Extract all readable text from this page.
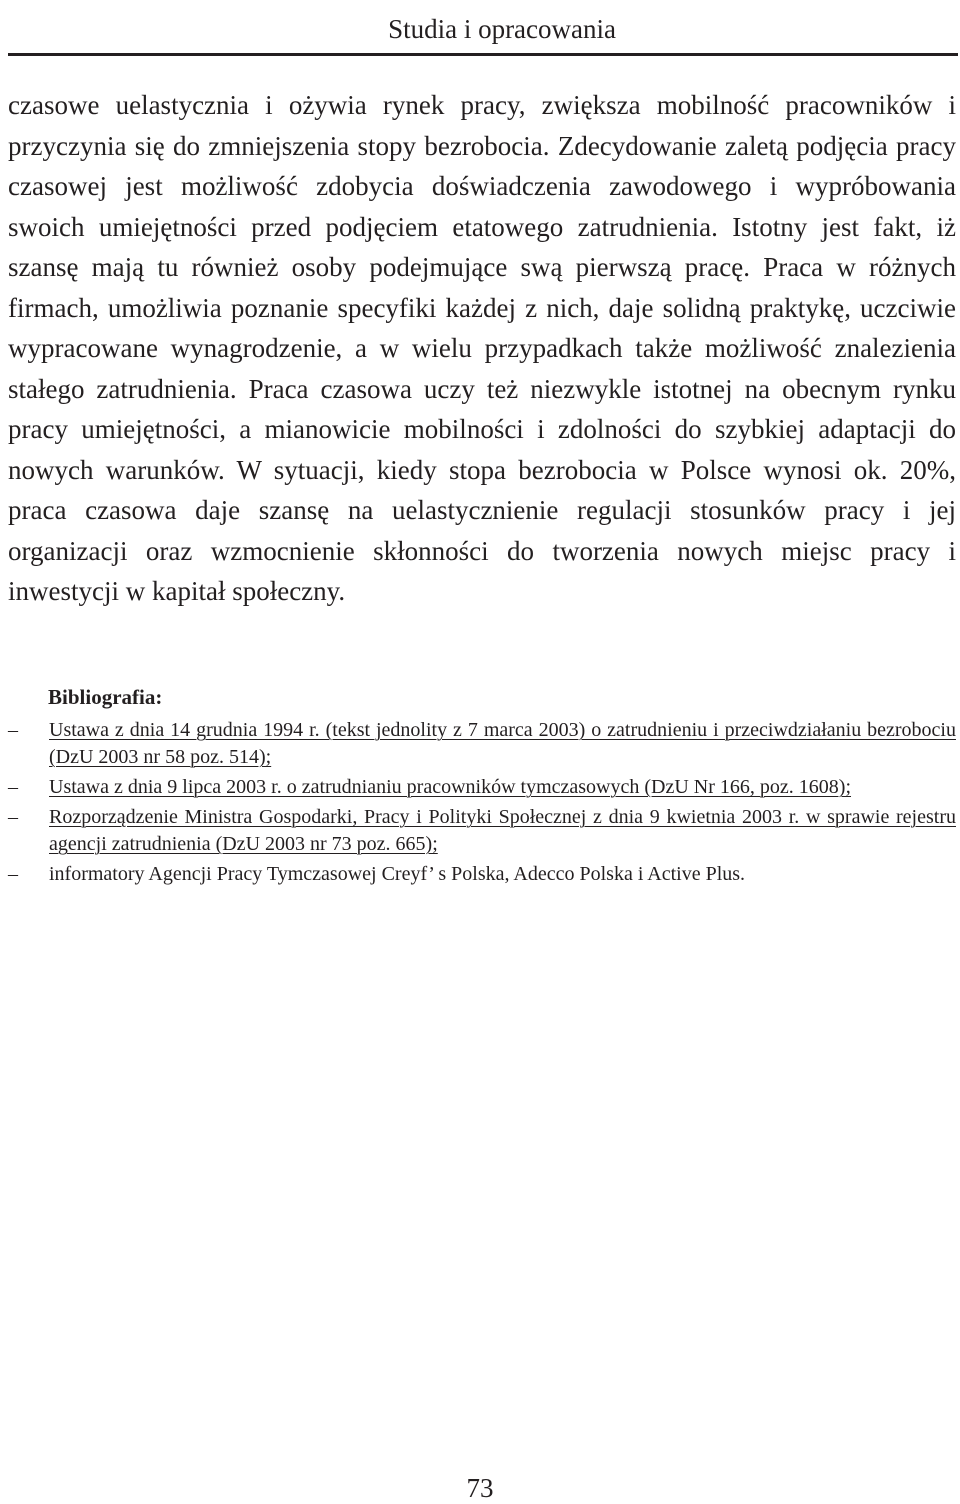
Studia i opracowania

czasowe uelastycznia i ożywia rynek pracy, zwiększa mobilność pracowników i przyczynia się do zmniejszenia stopy bezrobocia. Zdecydowanie zaletą podjęcia pracy czasowej jest możliwość zdobycia doświadczenia zawodowego i wypróbowania swoich umiejętności przed podjęciem etatowego zatrudnienia. Istotny jest fakt, iż szansę mają tu również osoby podejmujące swą pierwszą pracę. Praca w różnych firmach, umożliwia poznanie specyfiki każdej z nich, daje solidną praktykę, uczciwie wypracowane wynagrodzenie, a w wielu przypadkach także możliwość znalezienia stałego zatrudnienia. Praca czasowa uczy też niezwykle istotnej na obecnym rynku pracy umiejętności, a mianowicie mobilności i zdolności do szybkiej adaptacji do nowych warunków. W sytuacji, kiedy stopa bezrobocia w Polsce wynosi ok. 20%, praca czasowa daje szansę na uelastycznienie regulacji stosunków pracy i jej organizacji oraz wzmocnienie skłonności do tworzenia nowych miejsc pracy i inwestycji w kapitał społeczny.

Bibliografia:
– Ustawa z dnia 14 grudnia 1994 r. (tekst jednolity z 7 marca 2003) o zatrudnieniu i przeciwdziałaniu bezrobociu (DzU 2003 nr 58 poz. 514);
– Ustawa z dnia 9 lipca 2003 r. o zatrudnianiu pracowników tymczasowych (DzU Nr 166, poz. 1608);
– Rozporządzenie Ministra Gospodarki, Pracy i Polityki Społecznej z dnia 9 kwietnia 2003 r. w sprawie rejestru agencji zatrudnienia (DzU 2003 nr 73 poz. 665);
– informatory Agencji Pracy Tymczasowej Creyf’ s Polska, Adecco Polska i Active Plus.
73
